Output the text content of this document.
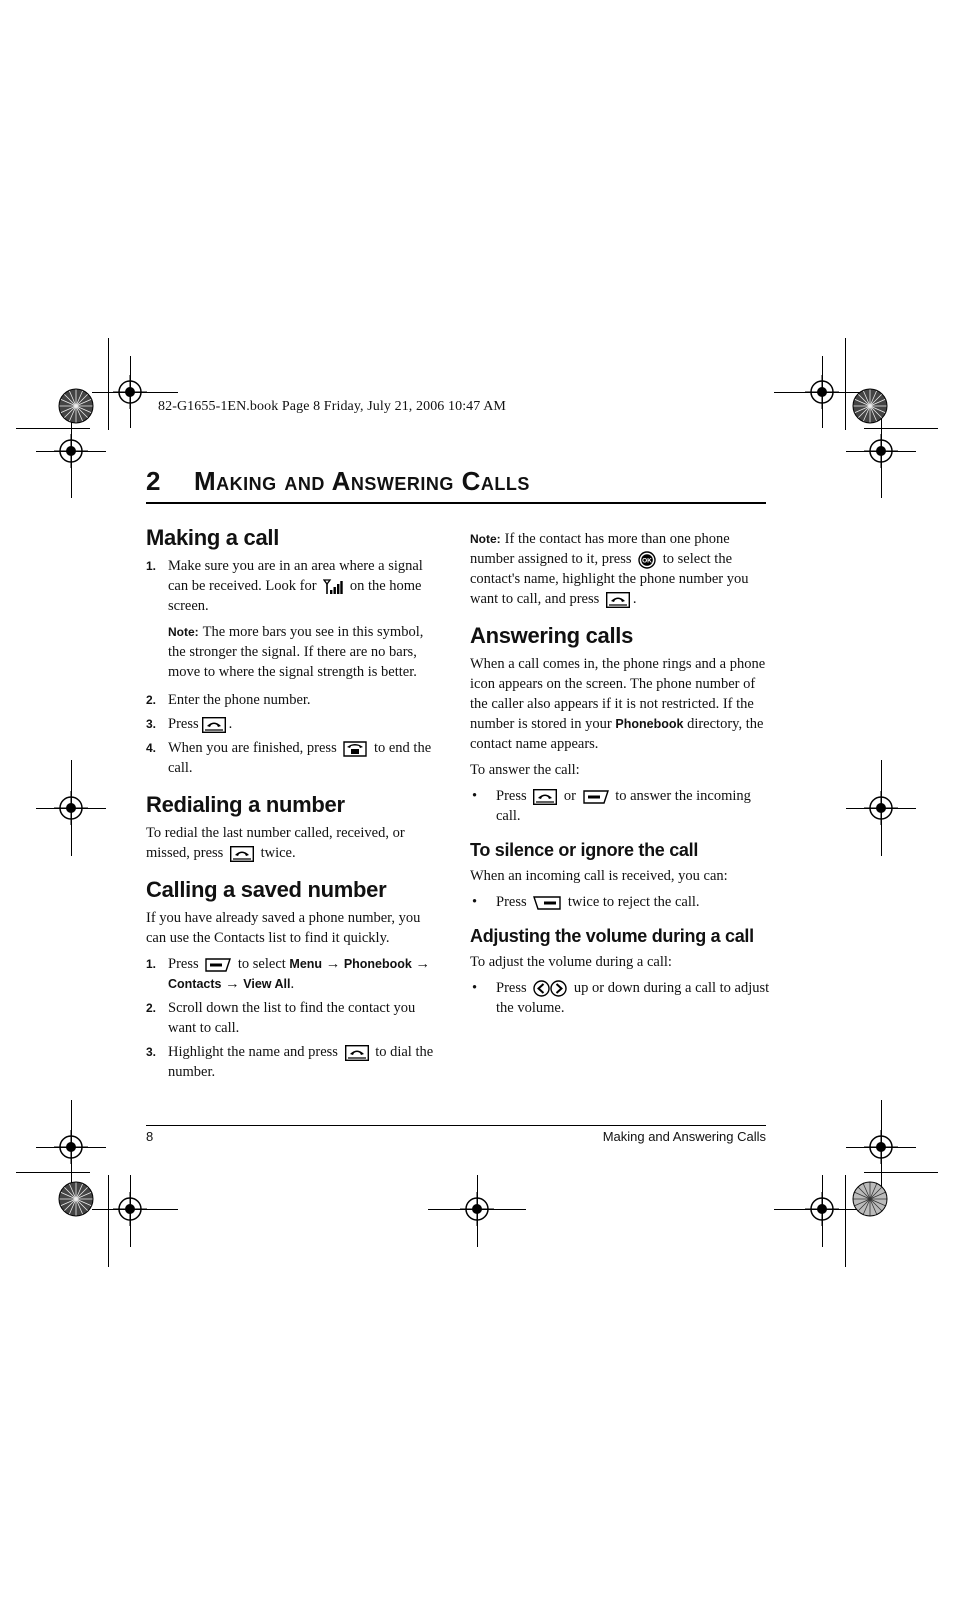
82-G1655-1EN.book Page 8 Friday, July 21, 2006 10:47 AM
2 Making and Answering Calls
Making a call
1. Make sure you are in an area where a signal can be received. Look for on the home screen.
Note: The more bars you see in this symbol, the stronger the signal. If there are no bars, move to where the signal strength is better.
2. Enter the phone number.
3. Press .
4. When you are finished, press	to end the call.
Redialing a number

To redial the last number called, received, or missed, press	twice.

Calling a saved number

If you have already saved a phone number, you can use the Contacts list to find it quickly.

1. Press	to select Menu → Phonebook → Contacts → View All.
2. Scroll down the list to find the contact you want to call.
3. Highlight the name and press	to dial the number.

Note: If the contact has more than one phone number assigned to it, press OK to select the contact's name, highlight the phone number you want to call, and press .

Answering calls

When a call comes in, the phone rings and a phone icon appears on the screen. The phone number of the caller also appears if it is not restricted. If the number is stored in your Phonebook directory, the contact name appears.

To answer the call:

•	Press	or	to answer the incoming call.
To silence or ignore the call

When an incoming call is received, you can:

•	Press	twice to reject the call.
Adjusting the volume during a call

To adjust the volume during a call:

•	Press	up or down during a call to adjust the volume.
8	Making and Answering Calls
